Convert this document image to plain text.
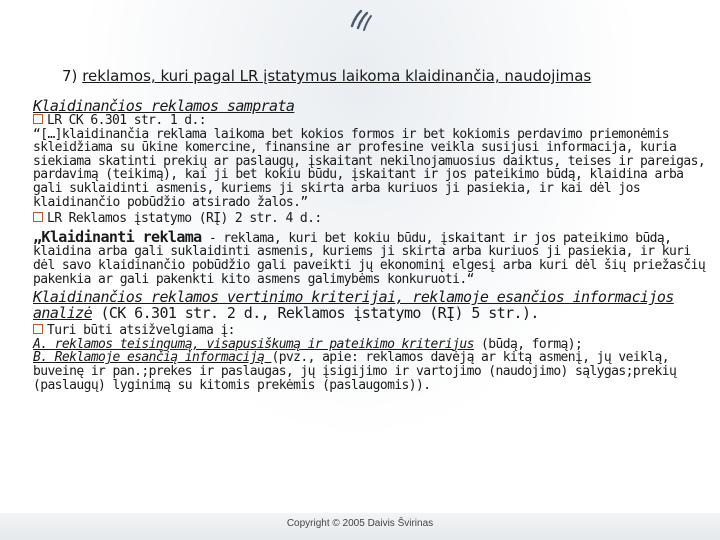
7) reklamos, kuri pagal LR įstatymus laikoma klaidinančia, naudojimas

Klaidinančios reklamos samprata

LR CK 6.301 str. 1 d.:

“[…]klaidinančia reklama laikoma bet kokios formos ir bet kokiomis perdavimo priemonėmis skleidžiama su ūkine komercine, finansine ar profesine veikla susijusi informacija, kuria siekiama skatinti prekių ar paslaugų, įskaitant nekilnojamuosius daiktus, teises ir pareigas, pardavimą (teikimą), kai ji bet kokiu būdu, įskaitant ir jos pateikimo būdą, klaidina arba gali suklaidinti asmenis, kuriems ji skirta arba kuriuos ji pasiekia, ir kai dėl jos klaidinančio pobūdžio atsirado žalos.”

LR Reklamos įstatymo (RĮ) 2 str. 4 d.:

„Klaidinanti reklama - reklama, kuri bet kokiu būdu, įskaitant ir jos pateikimo būdą, klaidina arba gali suklaidinti asmenis, kuriems ji skirta arba kuriuos ji pasiekia, ir kuri dėl savo klaidinančio pobūdžio gali paveikti jų ekonominį elgesį arba kuri dėl šių priežasčių pakenkia ar gali pakenkti kito asmens galimybėms konkuruoti.“

Klaidinančios reklamos vertinimo kriterijai, reklamoje esančios informacijos analizė (CK 6.301 str. 2 d., Reklamos įstatymo (RĮ) 5 str.).

Turi būti atsižvelgiama į:

A. reklamos teisingumą, visapusiškumą ir pateikimo kriterijus (būdą, formą);

B. Reklamoje esančią informaciją (pvz., apie: reklamos davėją ar kitą asmenį, jų veiklą, buveinę ir pan.;prekes ir paslaugas, jų įsigijimo ir vartojimo (naudojimo) sąlygas;prekių (paslaugų) lyginimą su kitomis prekėmis (paslaugomis)).

Copyright © 2005 Daivis Švirinas
